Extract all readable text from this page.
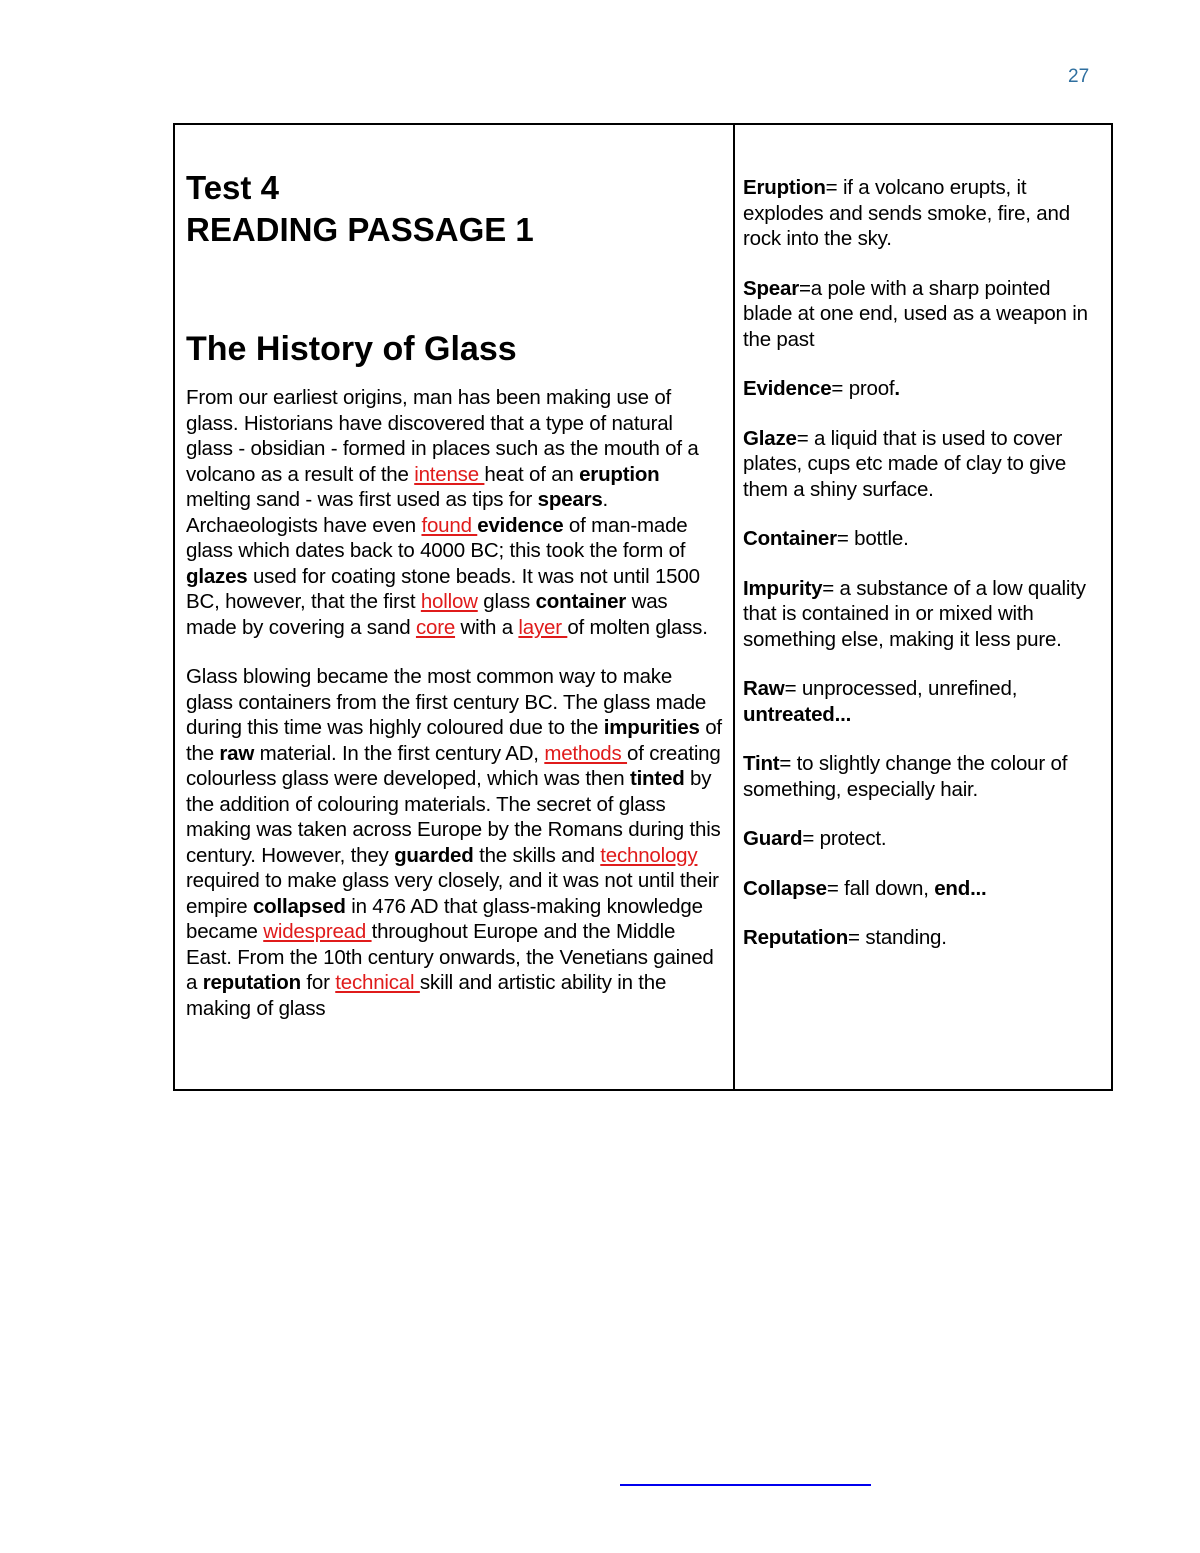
27
Test 4
READING PASSAGE 1
The History of Glass

From our earliest origins, man has been making use of glass. Historians have discovered that a type of natural glass - obsidian - formed in places such as the mouth of a volcano as a result of the intense heat of an eruption melting sand - was first used as tips for spears. Archaeologists have even found evidence of man-made glass which dates back to 4000 BC; this took the form of glazes used for coating stone beads. It was not until 1500 BC, however, that the first hollow glass container was made by covering a sand core with a layer of molten glass.

Glass blowing became the most common way to make glass containers from the first century BC. The glass made during this time was highly coloured due to the impurities of the raw material. In the first century AD, methods of creating colourless glass were developed, which was then tinted by the addition of colouring materials. The secret of glass making was taken across Europe by the Romans during this century. However, they guarded the skills and technology required to make glass very closely, and it was not until their empire collapsed in 476 AD that glass-making knowledge became widespread throughout Europe and the Middle East. From the 10th century onwards, the Venetians gained a reputation for technical skill and artistic ability in the making of glass

Eruption= if a volcano erupts, it explodes and sends smoke, fire, and rock into the sky.

Spear=a pole with a sharp pointed blade at one end, used as a weapon in the past

Evidence= proof.

Glaze= a liquid that is used to cover plates, cups etc made of clay to give them a shiny surface.

Container= bottle.

Impurity= a substance of a low quality that is contained in or mixed with something else, making it less pure.

Raw= unprocessed, unrefined, untreated...

Tint= to slightly change the colour of something, especially hair.

Guard= protect.

Collapse= fall down, end...

Reputation= standing.
